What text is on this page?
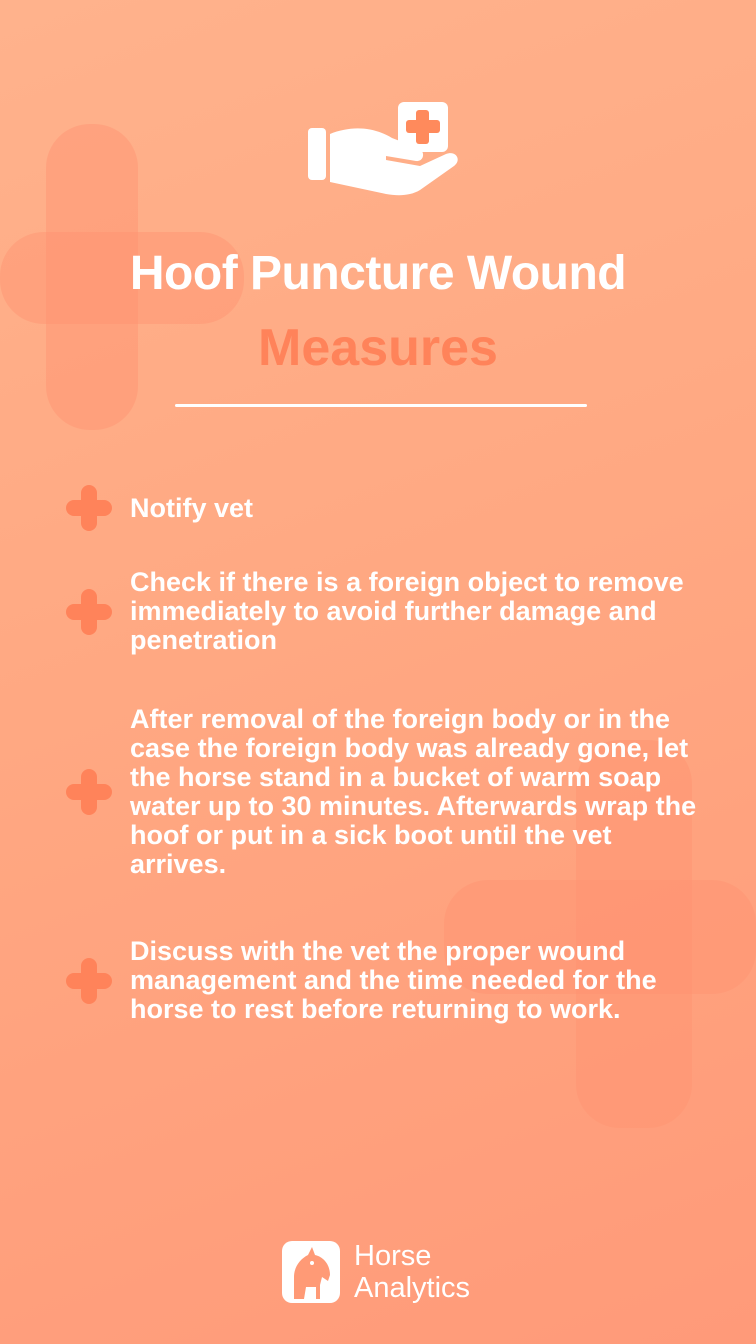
Hoof Puncture Wound
Measures
Notify vet
Check if there is a foreign object to remove immediately to avoid further damage and penetration
After removal of the foreign body or in the case the foreign body was already gone, let the horse stand in a bucket of warm soap water up to 30 minutes. Afterwards wrap the hoof or put in a sick boot until the vet arrives.
Discuss with the vet the proper wound management and the time needed for the horse to rest before returning to work.
Horse
Analytics
